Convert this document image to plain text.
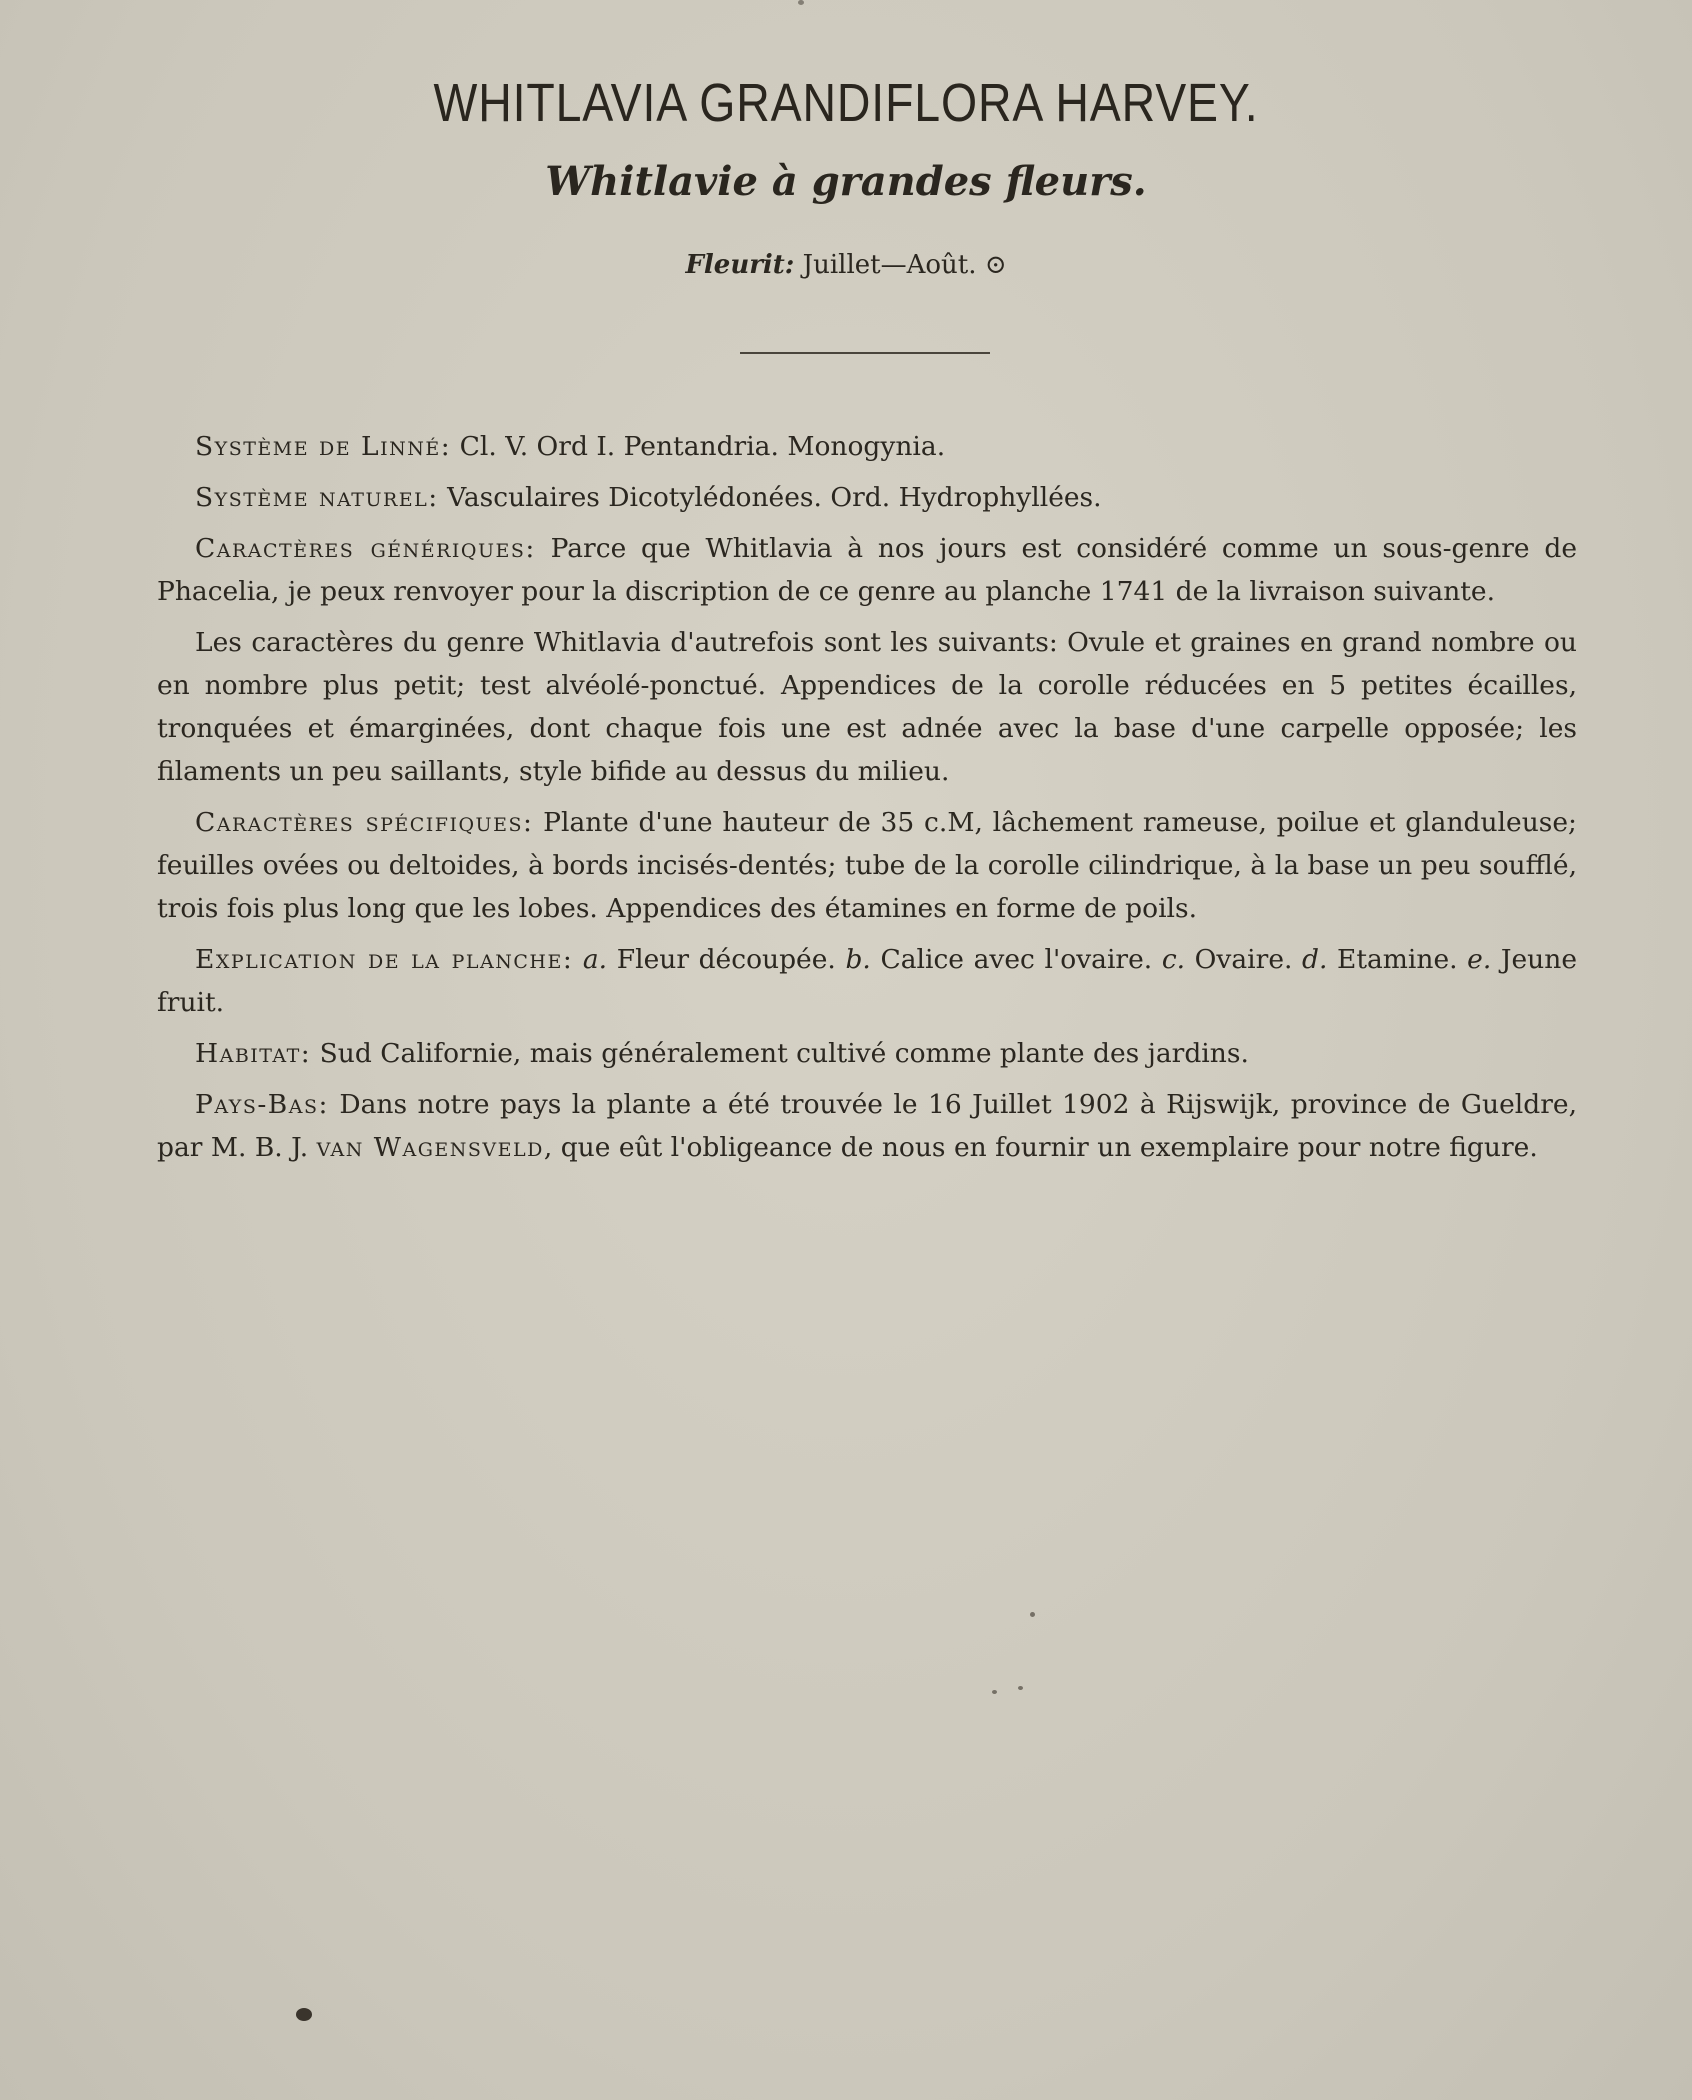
WHITLAVIA GRANDIFLORA HARVEY.
Whitlavie à grandes fleurs.

Fleurit: Juillet—Août. ⊙

Système de Linné: Cl. V. Ord I. Pentandria. Monogynia.

Système naturel: Vasculaires Dicotylédonées. Ord. Hydrophyllées.

Caractères génériques: Parce que Whitlavia à nos jours est considéré comme un sous-genre de Phacelia, je peux renvoyer pour la discription de ce genre au planche 1741 de la livraison suivante.

Les caractères du genre Whitlavia d'autrefois sont les suivants: Ovule et graines en grand nombre ou en nombre plus petit; test alvéolé-ponctué. Appendices de la corolle réducées en 5 petites écailles, tronquées et émarginées, dont chaque fois une est adnée avec la base d'une carpelle opposée; les filaments un peu saillants, style bifide au dessus du milieu.

Caractères spécifiques: Plante d'une hauteur de 35 c.M, lâchement rameuse, poilue et glanduleuse; feuilles ovées ou deltoides, à bords incisés-dentés; tube de la corolle cilindrique, à la base un peu soufflé, trois fois plus long que les lobes. Appendices des étamines en forme de poils.

Explication de la planche: a. Fleur découpée. b. Calice avec l'ovaire. c. Ovaire. d. Etamine. e. Jeune fruit.

Habitat: Sud Californie, mais généralement cultivé comme plante des jardins.

Pays-Bas: Dans notre pays la plante a été trouvée le 16 Juillet 1902 à Rijswijk, province de Gueldre, par M. B. J. van Wagensveld, que eût l'obligeance de nous en fournir un exemplaire pour notre figure.
